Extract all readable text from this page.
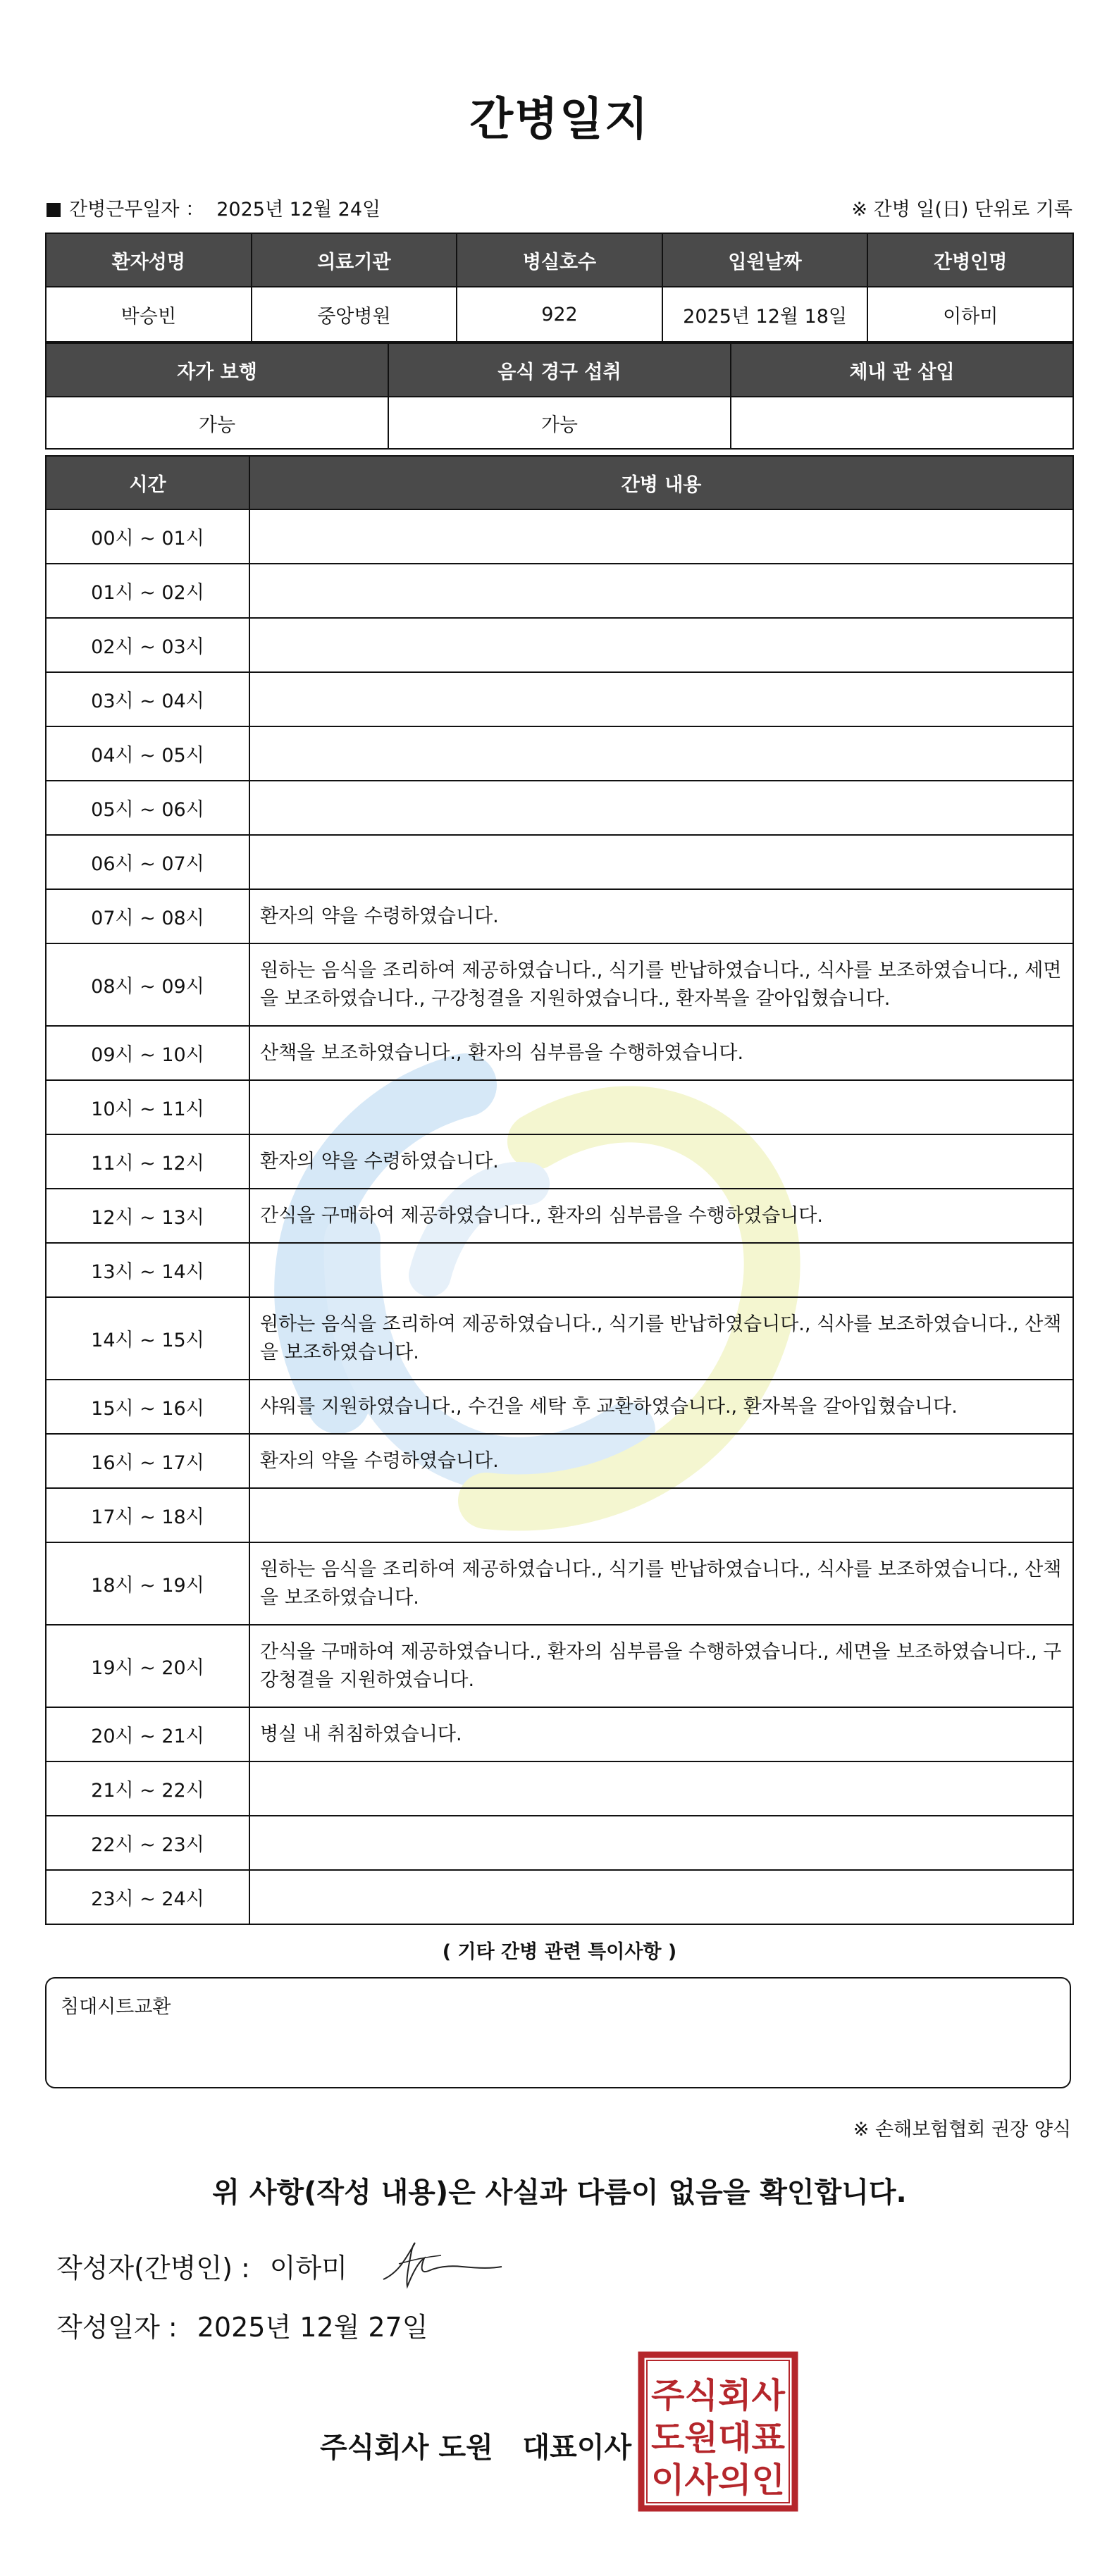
간병일지
간병근무일자 ： 2025년 12월 24일	※ 간병 일(日) 단위로 기록
환자성명	의료기관	병실호수	입원날짜	간병인명
박승빈	중앙병원	922	2025년 12월 18일	이하미
자가 보행	음식 경구 섭취	체내 관 삽입
가능	가능	
시간	간병 내용
00시 ~ 01시	
01시 ~ 02시	
02시 ~ 03시	
03시 ~ 04시	
04시 ~ 05시	
05시 ~ 06시	
06시 ~ 07시	
07시 ~ 08시	환자의 약을 수령하였습니다.
08시 ~ 09시	원하는 음식을 조리하여 제공하였습니다., 식기를 반납하였습니다., 식사를 보조하였습니다., 세면을 보조하였습니다., 구강청결을 지원하였습니다., 환자복을 갈아입혔습니다.
09시 ~ 10시	산책을 보조하였습니다., 환자의 심부름을 수행하였습니다.
10시 ~ 11시	
11시 ~ 12시	환자의 약을 수령하였습니다.
12시 ~ 13시	간식을 구매하여 제공하였습니다., 환자의 심부름을 수행하였습니다.
13시 ~ 14시	
14시 ~ 15시	원하는 음식을 조리하여 제공하였습니다., 식기를 반납하였습니다., 식사를 보조하였습니다., 산책을 보조하였습니다.
15시 ~ 16시	샤워를 지원하였습니다., 수건을 세탁 후 교환하였습니다., 환자복을 갈아입혔습니다.
16시 ~ 17시	환자의 약을 수령하였습니다.
17시 ~ 18시	
18시 ~ 19시	원하는 음식을 조리하여 제공하였습니다., 식기를 반납하였습니다., 식사를 보조하였습니다., 산책을 보조하였습니다.
19시 ~ 20시	간식을 구매하여 제공하였습니다., 환자의 심부름을 수행하였습니다., 세면을 보조하였습니다., 구강청결을 지원하였습니다.
20시 ~ 21시	병실 내 취침하였습니다.
21시 ~ 22시	
22시 ~ 23시	
23시 ~ 24시	
( 기타 간병 관련 특이사항 )
침대시트교환
※ 손해보험협회 권장 양식
위 사항(작성 내용)은 사실과 다름이 없음을 확인합니다.
작성자(간병인) : 이하미
작성일자 : 2025년 12월 27일
주식회사 도원 대표이사
주식회사
도원대표
이사의인
